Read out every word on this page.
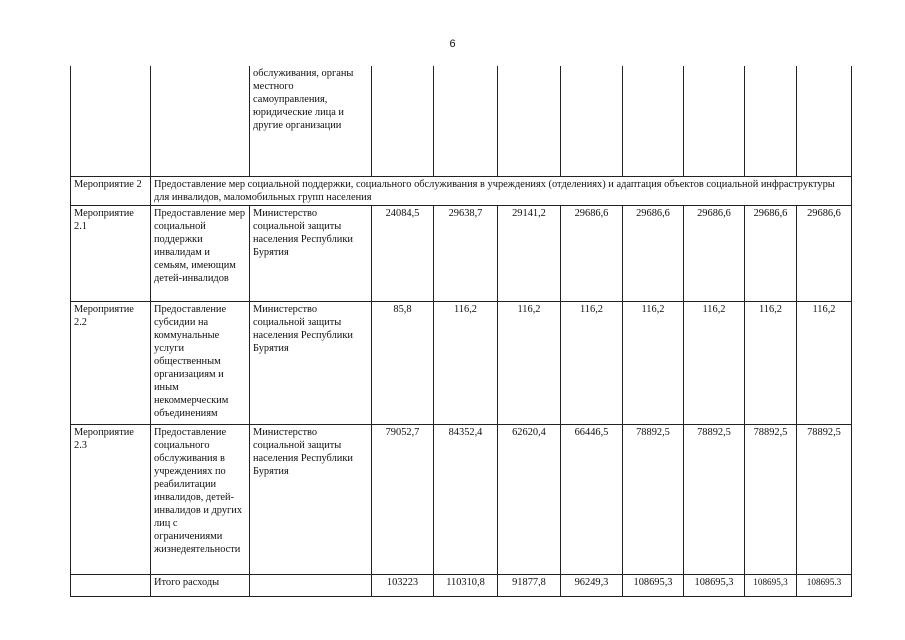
6
		обслуживания, органы местного самоуправления, юридические лица и другие организации								
Мероприятие 2	Предоставление мер социальной поддержки, социального обслуживания в учреждениях (отделениях) и адаптация объектов социальной инфраструктуры для инвалидов, маломобильных групп населения									
Мероприятие 2.1	Предоставление мер социальной поддержки инвалидам и семьям, имеющим детей-инвалидов	Министерство социальной защиты населения Республики Бурятия	24084,5	29638,7	29141,2	29686,6	29686,6	29686,6	29686,6	29686,6
Мероприятие 2.2	Предоставление субсидии на коммунальные услуги общественным организациям и иным некоммерческим объединениям	Министерство социальной защиты населения Республики Бурятия	85,8	116,2	116,2	116,2	116,2	116,2	116,2	116,2
Мероприятие 2.3	Предоставление социального обслуживания в учреждениях по реабилитации инвалидов, детей-инвалидов и других лиц с ограничениями жизнедеятельности	Министерство социальной защиты населения Республики Бурятия	79052,7	84352,4	62620,4	66446,5	78892,5	78892,5	78892,5	78892,5
	Итого расходы		103223	110310,8	91877,8	96249,3	108695,3	108695,3	108695,3	108695.3
